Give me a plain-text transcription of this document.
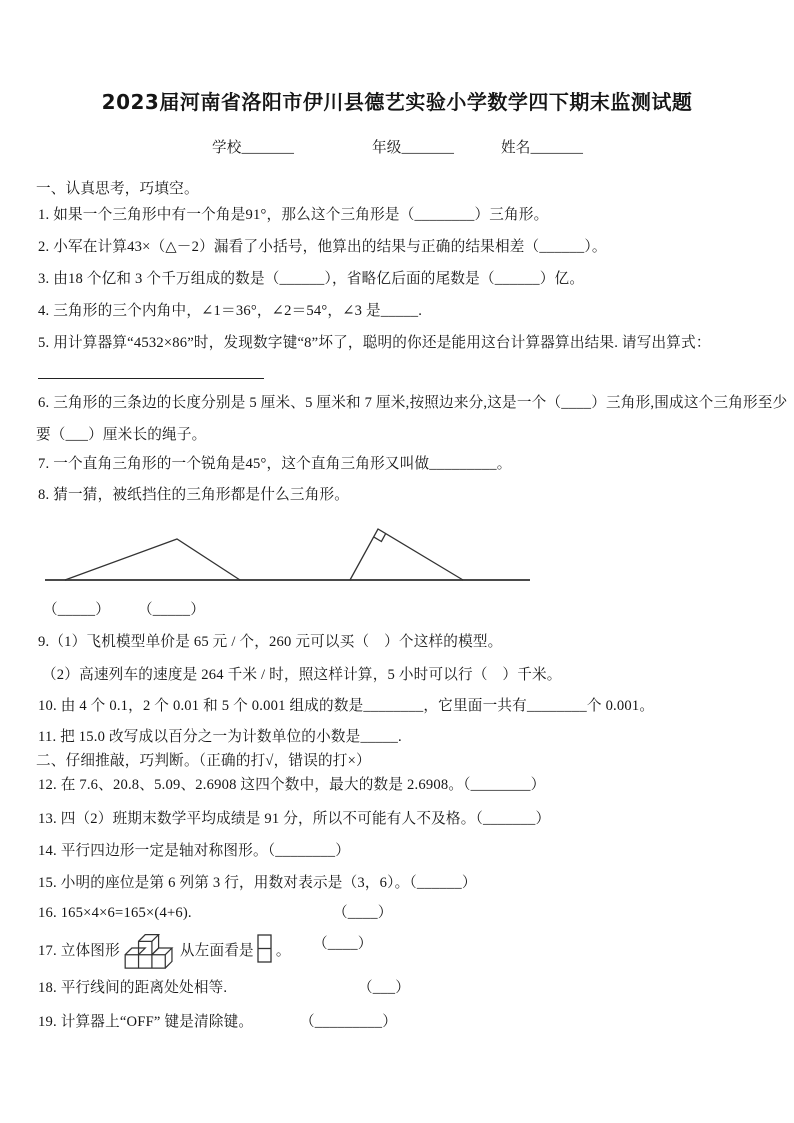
2023届河南省洛阳市伊川县德艺实验小学数学四下期末监测试题
学校_______	年级_______	姓名_______
一、认真思考，巧填空。
1. 如果一个三角形中有一个角是91°，那么这个三角形是（________）三角形。
2. 小军在计算43×（△－2）漏看了小括号，他算出的结果与正确的结果相差（______）。
3. 由18 个亿和 3 个千万组成的数是（______），省略亿后面的尾数是（______）亿。
4. 三角形的三个内角中，∠1＝36°，∠2＝54°，∠3 是_____.
5. 用计算器算“4532×86”时，发现数字键“8”坏了，聪明的你还是能用这台计算器算出结果. 请写出算式：
6. 三角形的三条边的长度分别是 5 厘米、5 厘米和 7 厘米,按照边来分,这是一个（____）三角形,围成这个三角形至少
要（___）厘米长的绳子。
7. 一个直角三角形的一个锐角是45°，这个直角三角形又叫做_________。
8. 猜一猜，被纸挡住的三角形都是什么三角形。
（_____） （_____）
9.（1）飞机模型单价是 65 元 / 个，260 元可以买（　）个这样的模型。
（2）高速列车的速度是 264 千米 / 时，照这样计算，5 小时可以行（　）千米。
10. 由 4 个 0.1，2 个 0.01 和 5 个 0.001 组成的数是________，它里面一共有________个 0.001。
11. 把 15.0 改写成以百分之一为计数单位的小数是_____.
二、仔细推敲，巧判断。（正确的打√，错误的打×）
12. 在 7.6、20.8、5.09、2.6908 这四个数中，最大的数是 2.6908。（________）
13. 四（2）班期末数学平均成绩是 91 分，所以不可能有人不及格。（_______）
14. 平行四边形一定是轴对称图形。（________）
15. 小明的座位是第 6 列第 3 行，用数对表示是（3，6）。（______）
16. 165×4×6=165×(4+6).	（____）
17. 立体图形	从左面看是 。 （____）
18. 平行线间的距离处处相等.	（___）
19. 计算器上“OFF” 键是清除键。	（_________）
